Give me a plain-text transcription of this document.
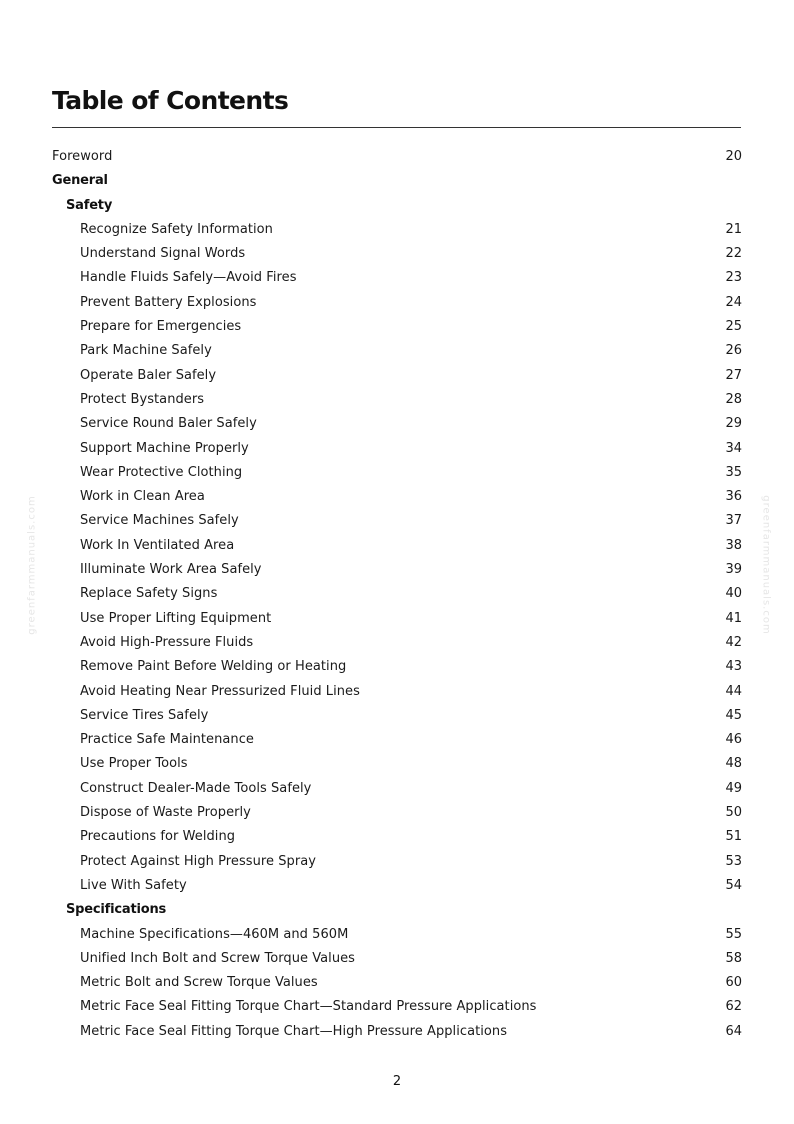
Table of Contents
Foreword	20
General
Safety
Recognize Safety Information	21
Understand Signal Words	22
Handle Fluids Safely—Avoid Fires	23
Prevent Battery Explosions	24
Prepare for Emergencies	25
Park Machine Safely	26
Operate Baler Safely	27
Protect Bystanders	28
Service Round Baler Safely	29
Support Machine Properly	34
Wear Protective Clothing	35
Work in Clean Area	36
Service Machines Safely	37
Work In Ventilated Area	38
Illuminate Work Area Safely	39
Replace Safety Signs	40
Use Proper Lifting Equipment	41
Avoid High-Pressure Fluids	42
Remove Paint Before Welding or Heating	43
Avoid Heating Near Pressurized Fluid Lines	44
Service Tires Safely	45
Practice Safe Maintenance	46
Use Proper Tools	48
Construct Dealer-Made Tools Safely	49
Dispose of Waste Properly	50
Precautions for Welding	51
Protect Against High Pressure Spray	53
Live With Safety	54
Specifications
Machine Specifications—460M and 560M	55
Unified Inch Bolt and Screw Torque Values	58
Metric Bolt and Screw Torque Values	60
Metric Face Seal Fitting Torque Chart—Standard Pressure Applications	62
Metric Face Seal Fitting Torque Chart—High Pressure Applications	64
greenfarmmanuals.com	greenfarmmanuals.com
2
